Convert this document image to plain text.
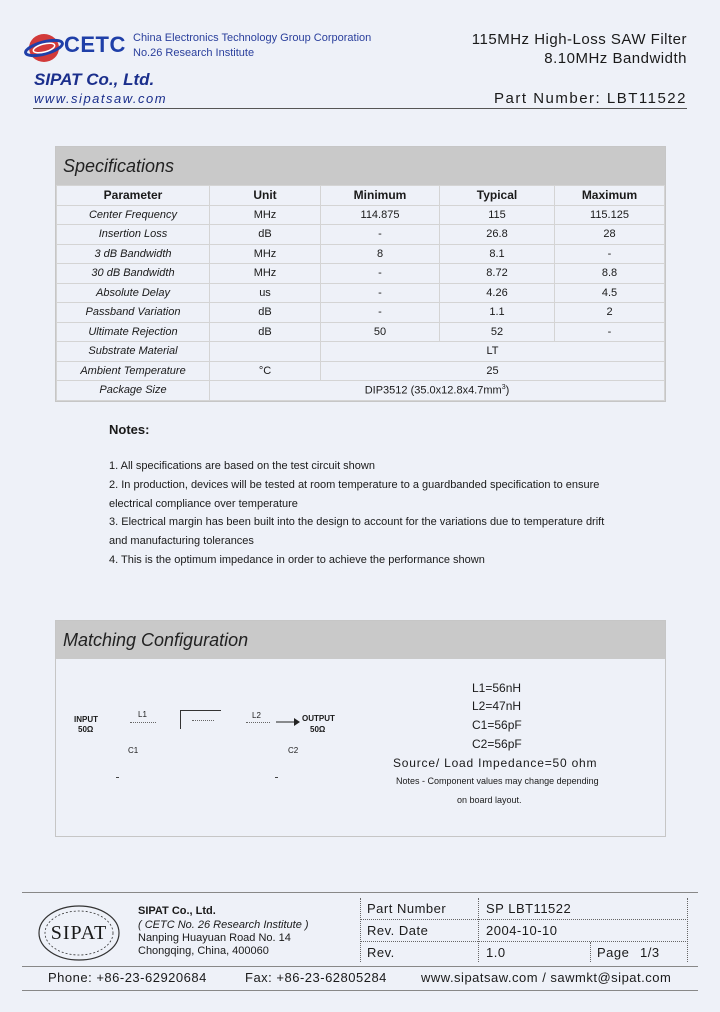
CETC China Electronics Technology Group Corporation
No.26 Research Institute
SIPAT Co., Ltd.
www.sipatsaw.com
115MHz High-Loss SAW Filter
8.10MHz Bandwidth
Part Number: LBT11522
Specifications
Parameter	Unit	Minimum	Typical	Maximum
Center Frequency	MHz	114.875	115	115.125
Insertion Loss	dB	-	26.8	28
3 dB Bandwidth	MHz	8	8.1	-
30 dB Bandwidth	MHz	-	8.72	8.8
Absolute Delay	us	-	4.26	4.5
Passband Variation	dB	-	1.1	2
Ultimate Rejection	dB	50	52	-
Substrate Material		LT		
Ambient Temperature	°C	25		
Package Size	DIP3512 $(35.0x12.8x4.7mm^3)$			
Notes:
1. All specifications are based on the test circuit shown
2. In production, devices will be tested at room temperature to a guardbanded specification to ensure
electrical compliance over temperature
3. Electrical margin has been built into the design to account for the variations due to temperature drift
and manufacturing tolerances
4. This is the optimum impedance in order to achieve the performance shown
Matching Configuration
INPUT
50Ω
L1	L2	OUTPUT
50Ω
C1	C2
L1=56nH
L2=47nH
C1=56pF
C2=56pF
Source/ Load Impedance=50 ohm
Notes - Component values may change depending
on board layout.
SIPAT
SIPAT Co., Ltd.
( CETC No. 26 Research Institute )
Nanping Huayuan Road No. 14
Chongqing, China, 400060
Part Number	SP LBT11522
Rev. Date	2004-10-10
Rev.	1.0	Page 1/3
Phone: +86-23-62920684	Fax: +86-23-62805284	www.sipatsaw.com / sawmkt@sipat.com
